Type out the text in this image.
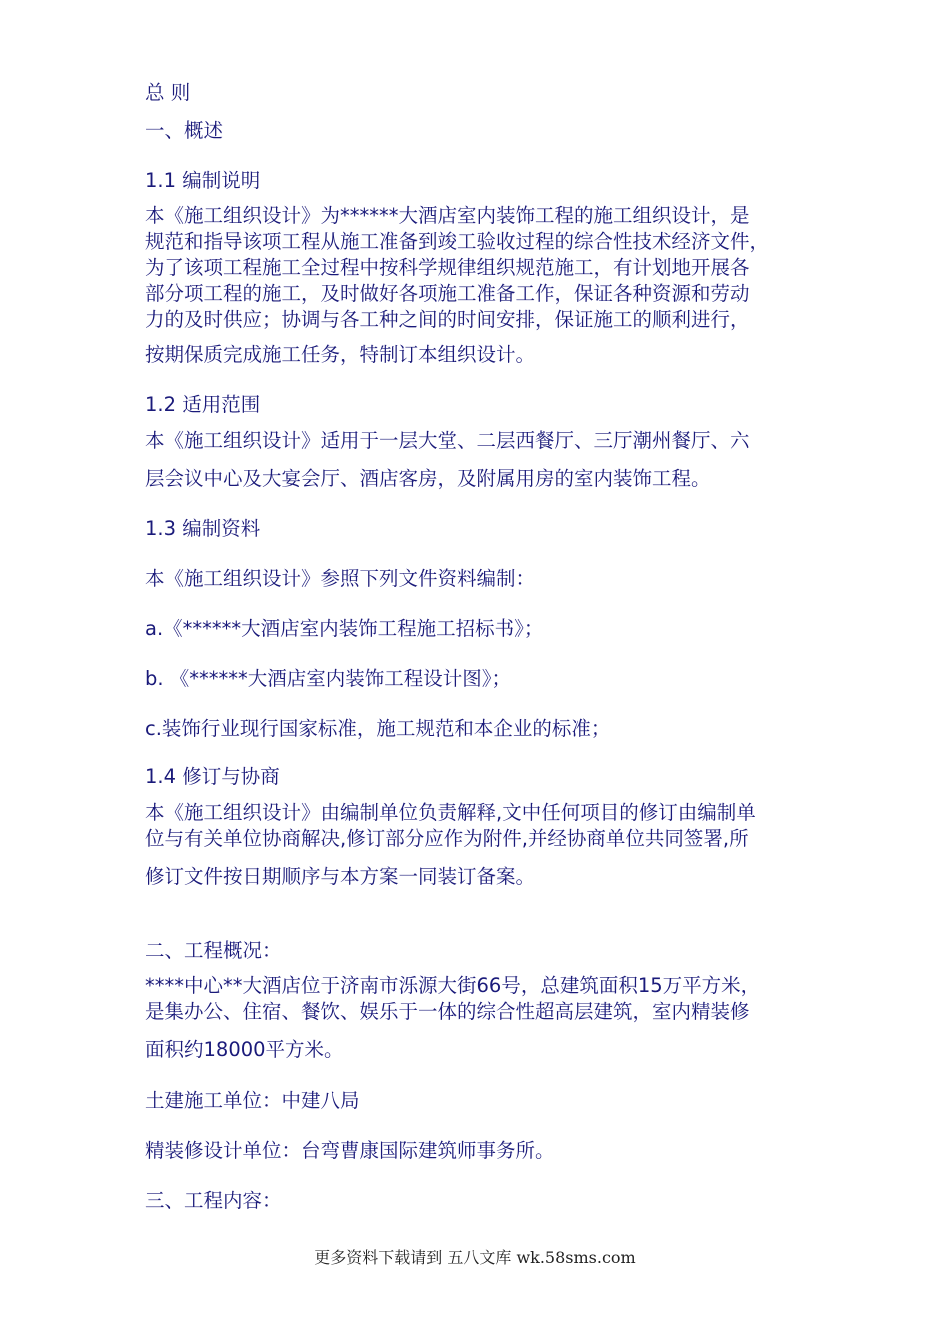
总 则

一、概述

1.1 编制说明

本《施工组织设计》为******大酒店室内装饰工程的施工组织设计，是
规范和指导该项工程从施工准备到竣工验收过程的综合性技术经济文件，
为了该项工程施工全过程中按科学规律组织规范施工，有计划地开展各
部分项工程的施工，及时做好各项施工准备工作，保证各种资源和劳动
力的及时供应；协调与各工种之间的时间安排，保证施工的顺利进行，

按期保质完成施工任务，特制订本组织设计。

1.2 适用范围

本《施工组织设计》适用于一层大堂、二层西餐厅、三厅潮州餐厅、六

层会议中心及大宴会厅、酒店客房，及附属用房的室内装饰工程。

1.3 编制资料

本《施工组织设计》参照下列文件资料编制：

a.《******大酒店室内装饰工程施工招标书》；

b. 《******大酒店室内装饰工程设计图》；

c.装饰行业现行国家标准，施工规范和本企业的标准；

1.4 修订与协商

本《施工组织设计》由编制单位负责解释,文中任何项目的修订由编制单
位与有关单位协商解决,修订部分应作为附件,并经协商单位共同签署,所

修订文件按日期顺序与本方案一同装订备案。

二、工程概况：

****中心**大酒店位于济南市泺源大街66号，总建筑面积15万平方米，
是集办公、住宿、餐饮、娱乐于一体的综合性超高层建筑，室内精装修

面积约18000平方米。

土建施工单位：中建八局

精装修设计单位：台弯曹康国际建筑师事务所。

三、工程内容：

更多资料下载请到 五八文库 wk.58sms.com
